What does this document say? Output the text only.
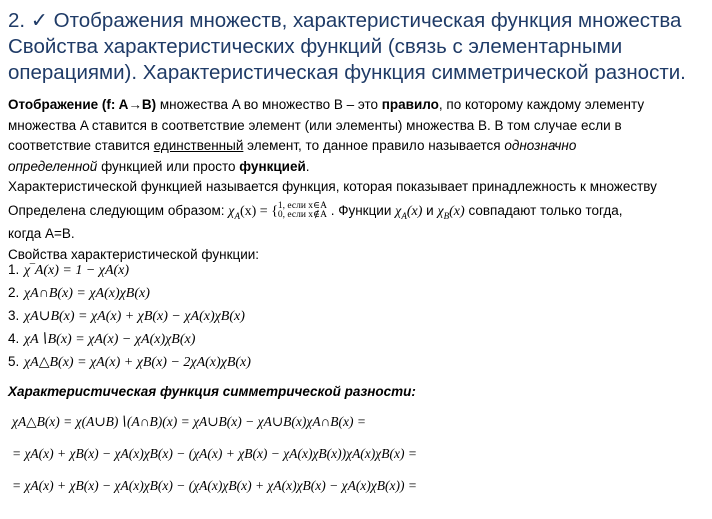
2. ✓ Отображения множеств, характеристическая функция множества
Свойства характеристических функций (связь с элементарными
операциями). Характеристическая функция симметрической разности.
Отображение (f: A→B) множества A во множество B – это правило, по которому каждому элементу
множества A ставится в соответствие элемент (или элементы) множества B. В том случае если в
соответствие ставится единственный элемент, то данное правило называется однозначно
определенной функцией или просто функцией.
Характеристической функцией называется функция, которая показывает принадлежность к множеству
Определена следующим образом: $\chi_A(x)$ = { 1, если x∈A
0, если x∉A . Функции $\chi_A(x)$ и $\chi_B(x)$ совпадают только тогда,
когда A=B.
Свойства характеристической функции:
1. χ‾A(x) = 1 − χA(x)
2. χA∩B(x) = χA(x)χB(x)
3. χA∪B(x) = χA(x) + χB(x) − χA(x)χB(x)
4. χA∖B(x) = χA(x) − χA(x)χB(x)
5. χA△B(x) = χA(x) + χB(x) − 2χA(x)χB(x)
Характеристическая функция симметрической разности:
χA△B(x) = χ(A∪B)∖(A∩B)(x) = χA∪B(x) − χA∪B(x)χA∩B(x) =
= χA(x) + χB(x) − χA(x)χB(x) − (χA(x) + χB(x) − χA(x)χB(x))χA(x)χB(x) =
= χA(x) + χB(x) − χA(x)χB(x) − (χA(x)χB(x) + χA(x)χB(x) − χA(x)χB(x)) =
